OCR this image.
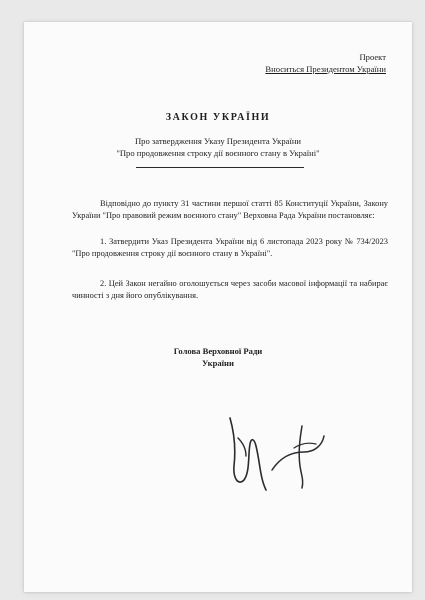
Проект
Вноситься Президентом України
ЗАКОН УКРАЇНИ
Про затвердження Указу Президента України
"Про продовження строку дії воєнного стану в Україні"
Відповідно до пункту 31 частини першої статті 85 Конституції України, Закону України "Про правовий режим воєнного стану" Верховна Рада України постановляє:
1. Затвердити Указ Президента України від 6 листопада 2023 року № 734/2023 "Про продовження строку дії воєнного стану в Україні".
2. Цей Закон негайно оголошується через засоби масової інформації та набирає чинності з дня його опублікування.
Голова Верховної Ради
України
